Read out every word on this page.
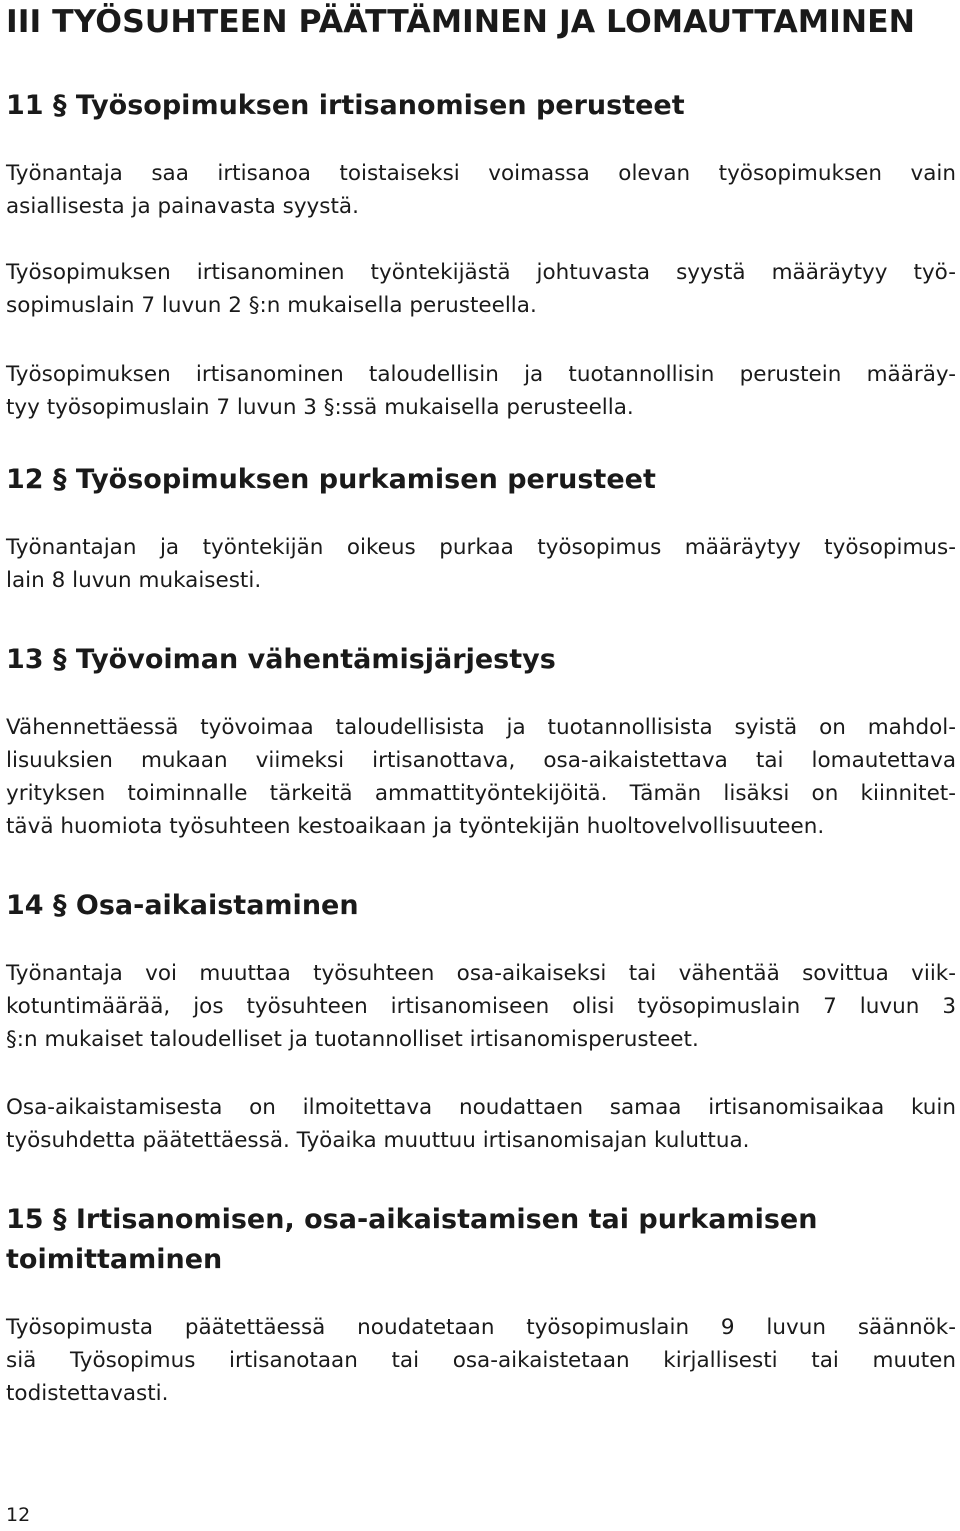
III TYÖSUHTEEN PÄÄTTÄMINEN JA LOMAUTTAMINEN
11 § Työsopimuksen irtisanomisen perusteet

Työnantaja saa irtisanoa toistaiseksi voimassa olevan työsopimuksen vain
asiallisesta ja painavasta syystä.

Työsopimuksen irtisanominen työntekijästä johtuvasta syystä määräytyy työ-
sopimuslain 7 luvun 2 §:n mukaisella perusteella.

Työsopimuksen irtisanominen taloudellisin ja tuotannollisin perustein määräy-
tyy työsopimuslain 7 luvun 3 §:ssä mukaisella perusteella.

12 § Työsopimuksen purkamisen perusteet

Työnantajan ja työntekijän oikeus purkaa työsopimus määräytyy työsopimus-
lain 8 luvun mukaisesti.

13 § Työvoiman vähentämisjärjestys

Vähennettäessä työvoimaa taloudellisista ja tuotannollisista syistä on mahdol-
lisuuksien mukaan viimeksi irtisanottava, osa-aikaistettava tai lomautettava
yrityksen toiminnalle tärkeitä ammattityöntekijöitä. Tämän lisäksi on kiinnitet-
tävä huomiota työsuhteen kestoaikaan ja työntekijän huoltovelvollisuuteen.

14 § Osa-aikaistaminen

Työnantaja voi muuttaa työsuhteen osa-aikaiseksi tai vähentää sovittua viik-
kotuntimäärää, jos työsuhteen irtisanomiseen olisi työsopimuslain 7 luvun 3
§:n mukaiset taloudelliset ja tuotannolliset irtisanomisperusteet.

Osa-aikaistamisesta on ilmoitettava noudattaen samaa irtisanomisaikaa kuin
työsuhdetta päätettäessä. Työaika muuttuu irtisanomisajan kuluttua.

15 § Irtisanomisen, osa-aikaistamisen tai purkamisen
toimittaminen

Työsopimusta päätettäessä noudatetaan työsopimuslain 9 luvun säännök-
siä Työsopimus irtisanotaan tai osa-aikaistetaan kirjallisesti tai muuten
todistettavasti.

12
